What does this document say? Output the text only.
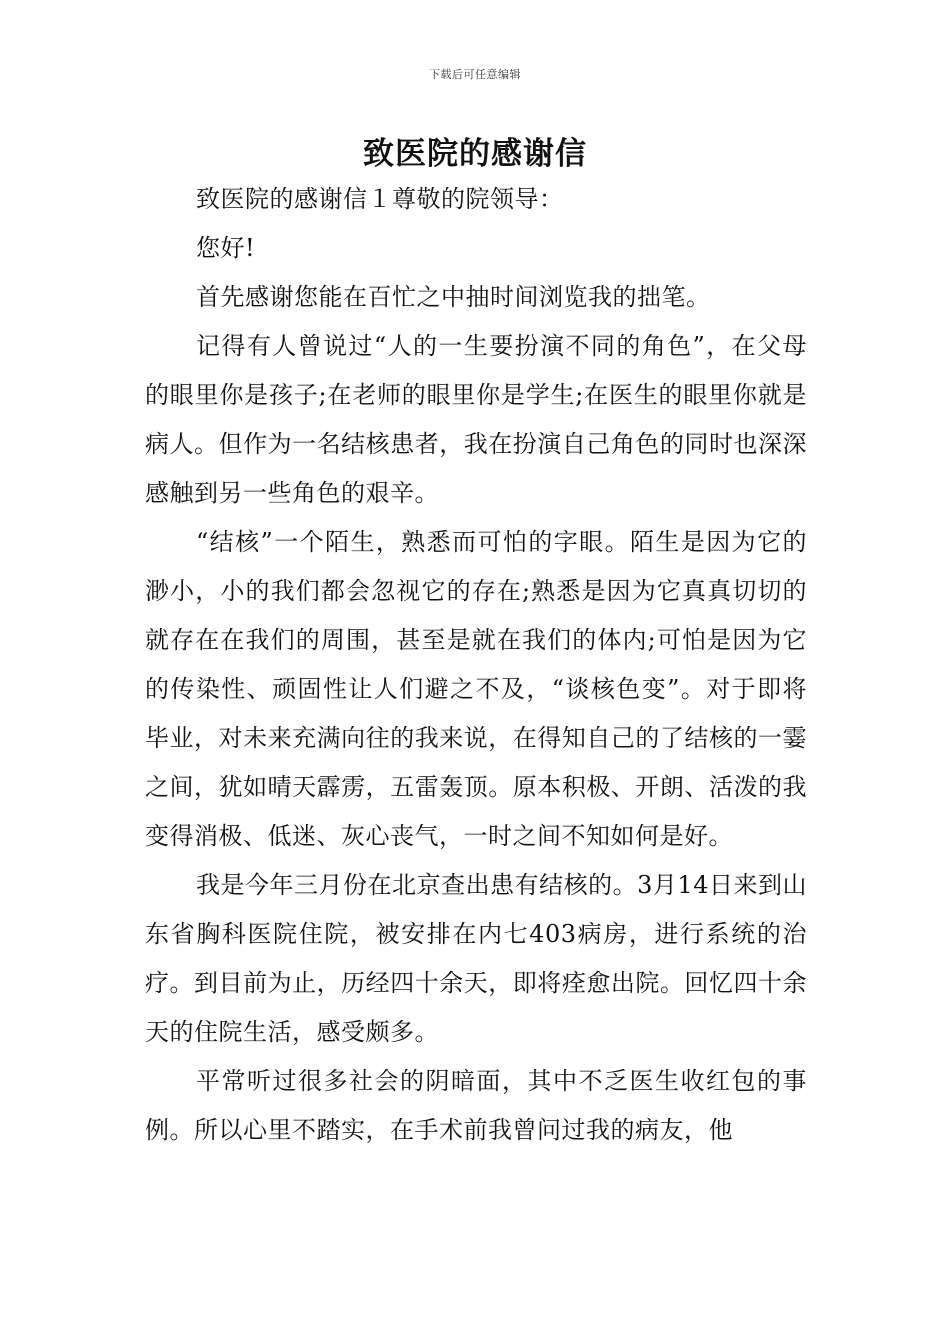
下载后可任意编辑
致医院的感谢信

致医院的感谢信１尊敬的院领导：

您好!

首先感谢您能在百忙之中抽时间浏览我的拙笔。

记得有人曾说过“人的一生要扮演不同的角色”，在父母的眼里你是孩子;在老师的眼里你是学生;在医生的眼里你就是病人。但作为一名结核患者，我在扮演自己角色的同时也深深感触到另一些角色的艰辛。

“结核”一个陌生，熟悉而可怕的字眼。陌生是因为它的渺小，小的我们都会忽视它的存在;熟悉是因为它真真切切的就存在在我们的周围，甚至是就在我们的体内;可怕是因为它的传染性、顽固性让人们避之不及，“谈核色变”。对于即将毕业，对未来充满向往的我来说，在得知自己的了结核的一霎之间，犹如晴天霹雳，五雷轰顶。原本积极、开朗、活泼的我变得消极、低迷、灰心丧气，一时之间不知如何是好。

我是今年三月份在北京查出患有结核的。3月14日来到山东省胸科医院住院，被安排在内七403病房，进行系统的治疗。到目前为止，历经四十余天，即将痊愈出院。回忆四十余天的住院生活，感受颇多。

平常听过很多社会的阴暗面，其中不乏医生收红包的事例。所以心里不踏实，在手术前我曾问过我的病友，他
